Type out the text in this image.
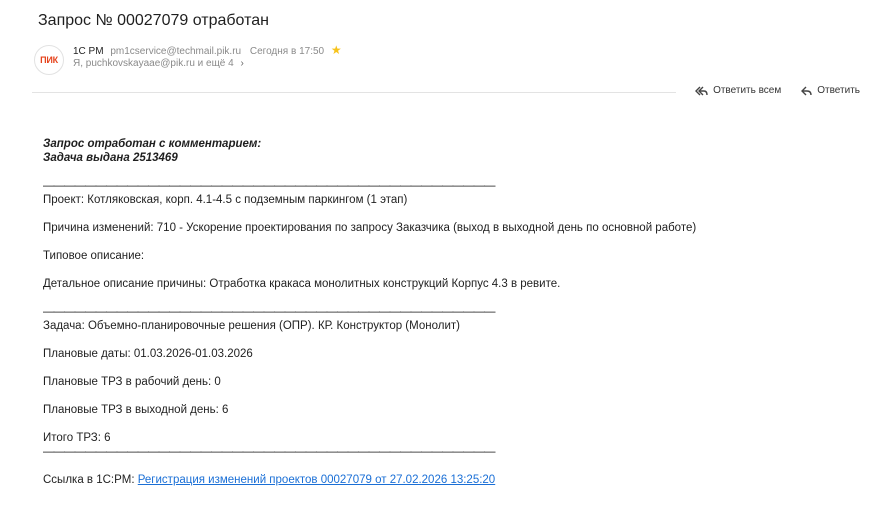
Запрос № 00027079 отработан
ПИК
1С PM pm1cservice@techmail.pik.ru Сегодня в 17:50 ★
Я, puchkovskayaae@pik.ru и ещё 4 ›
Ответить всем	Ответить
Запрос отработан с комментарием:
Задача выдана 2513469
———————————————————————————————————————————
Проект: Котляковская, корп. 4.1-4.5 с подземным паркингом (1 этап)
Причина изменений: 710 - Ускорение проектирования по запросу Заказчика (выход в выходной день по основной работе)
Типовое описание:
Детальное описание причины: Отработка кракаса монолитных конструкций Корпус 4.3 в ревите.
———————————————————————————————————————————
Задача: Объемно-планировочные решения (ОПР). КР. Конструктор (Монолит)
Плановые даты: 01.03.2026-01.03.2026
Плановые ТРЗ в рабочий день: 0
Плановые ТРЗ в выходной день: 6
Итого ТРЗ: 6
———————————————————————————————————————————
Ссылка в 1С:PM: Регистрация изменений проектов 00027079 от 27.02.2026 13:25:20
